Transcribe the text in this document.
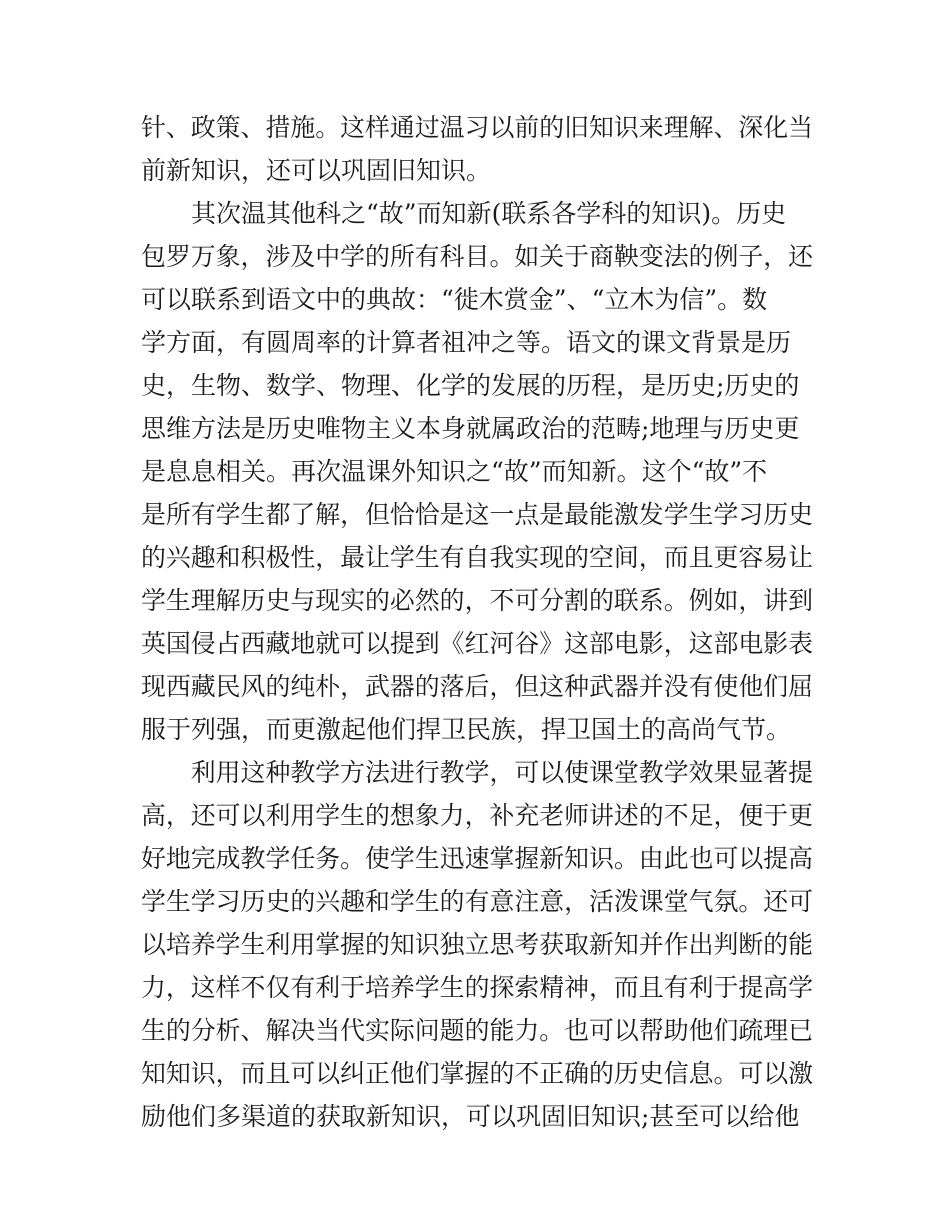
针、政策、措施。这样通过温习以前的旧知识来理解、深化当
前新知识，还可以巩固旧知识。
其次温其他科之“故”而知新(联系各学科的知识)。历史
包罗万象，涉及中学的所有科目。如关于商鞅变法的例子，还
可以联系到语文中的典故：“徙木赏金”、“立木为信”。数
学方面，有圆周率的计算者祖冲之等。语文的课文背景是历
史，生物、数学、物理、化学的发展的历程，是历史;历史的
思维方法是历史唯物主义本身就属政治的范畴;地理与历史更
是息息相关。再次温课外知识之“故”而知新。这个“故”不
是所有学生都了解，但恰恰是这一点是最能激发学生学习历史
的兴趣和积极性，最让学生有自我实现的空间，而且更容易让
学生理解历史与现实的必然的，不可分割的联系。例如，讲到
英国侵占西藏地就可以提到《红河谷》这部电影，这部电影表
现西藏民风的纯朴，武器的落后，但这种武器并没有使他们屈
服于列强，而更激起他们捍卫民族，捍卫国土的高尚气节。
利用这种教学方法进行教学，可以使课堂教学效果显著提
高，还可以利用学生的想象力，补充老师讲述的不足，便于更
好地完成教学任务。使学生迅速掌握新知识。由此也可以提高
学生学习历史的兴趣和学生的有意注意，活泼课堂气氛。还可
以培养学生利用掌握的知识独立思考获取新知并作出判断的能
力，这样不仅有利于培养学生的探索精神，而且有利于提高学
生的分析、解决当代实际问题的能力。也可以帮助他们疏理已
知知识，而且可以纠正他们掌握的不正确的历史信息。可以激
励他们多渠道的获取新知识，可以巩固旧知识;甚至可以给他
